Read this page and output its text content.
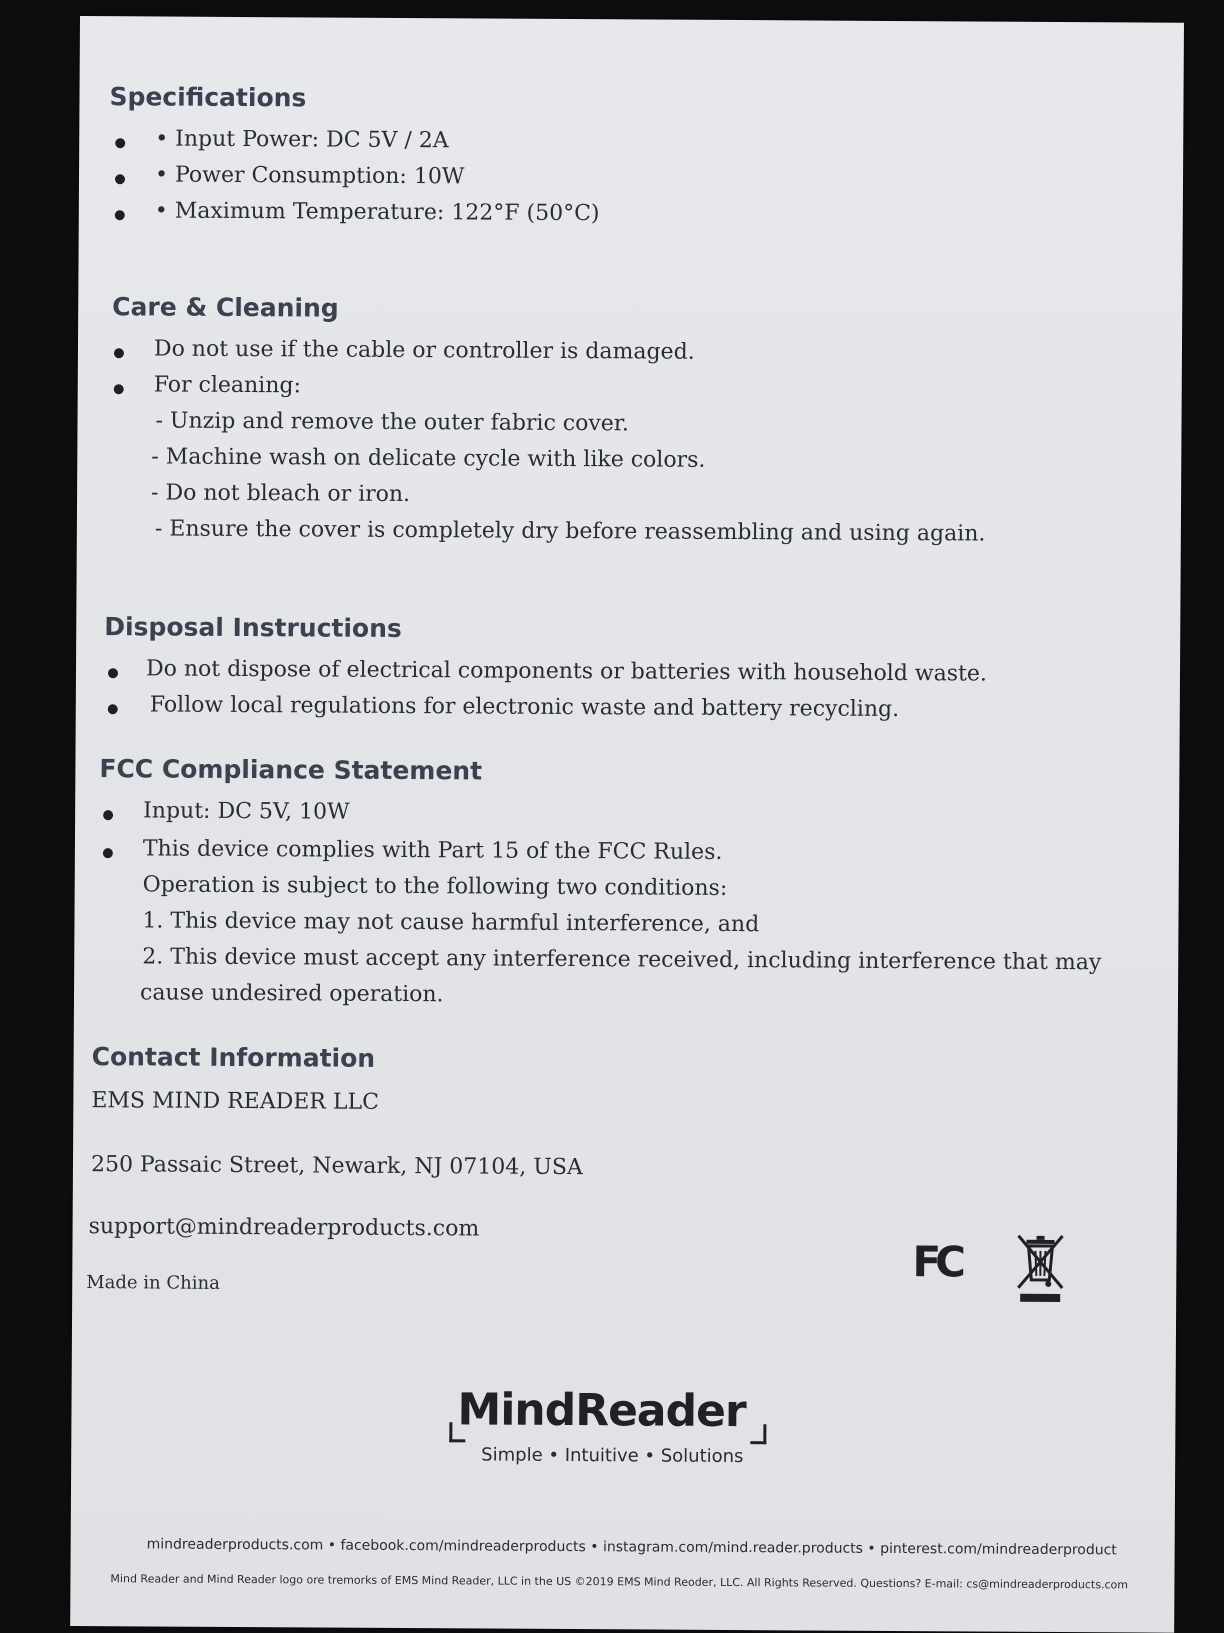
Specifications

• Input Power: DC 5V / 2A

• Power Consumption: 10W

• Maximum Temperature: 122°F (50°C)

Care & Cleaning

Do not use if the cable or controller is damaged.

For cleaning:

- Unzip and remove the outer fabric cover.

- Machine wash on delicate cycle with like colors.

- Do not bleach or iron.

- Ensure the cover is completely dry before reassembling and using again.

Disposal Instructions

Do not dispose of electrical components or batteries with household waste.

Follow local regulations for electronic waste and battery recycling.

FCC Compliance Statement

Input: DC 5V, 10W

This device complies with Part 15 of the FCC Rules.

Operation is subject to the following two conditions:

1. This device may not cause harmful interference, and

2. This device must accept any interference received, including interference that may

cause undesired operation.

Contact Information

EMS MIND READER LLC

250 Passaic Street, Newark, NJ 07104, USA

support@mindreaderproducts.com

Made in China	FC
MindReader
Simple • Intuitive • Solutions

mindreaderproducts.com • facebook.com/mindreaderproducts • instagram.com/mind.reader.products • pinterest.com/mindreaderproduct

Mind Reader and Mind Reader logo ore tremorks of EMS Mind Reader, LLC in the US ©2019 EMS Mind Reoder, LLC. All Rights Reserved. Questions? E-mail: cs@mindreaderproducts.com
